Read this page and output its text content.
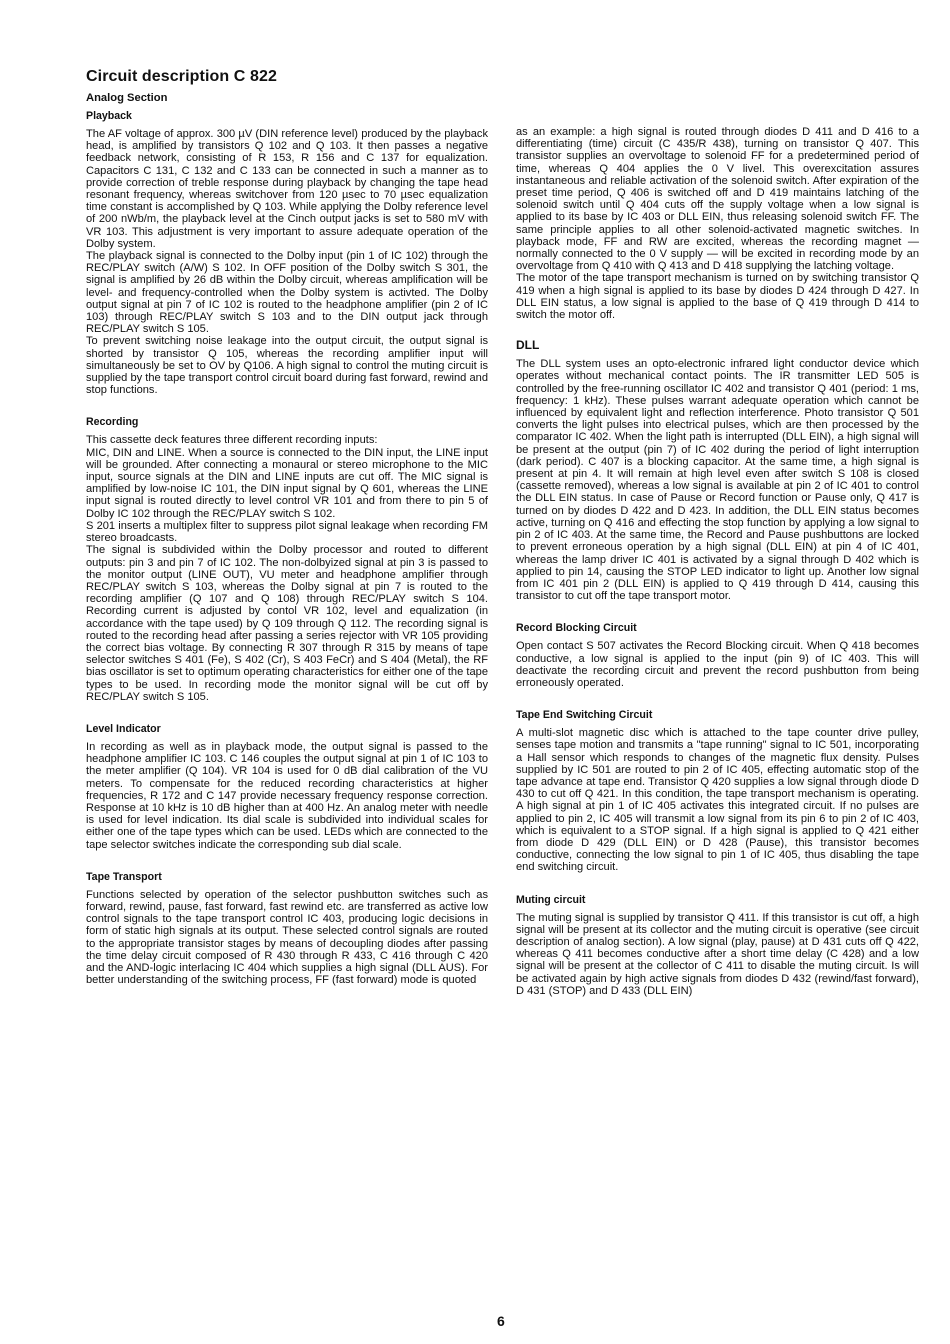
Circuit description C 822
Analog Section
Playback

The AF voltage of approx. 300 µV (DIN reference level) produced by the playback head, is amplified by transistors Q 102 and Q 103. It then passes a negative feedback network, consisting of R 153, R 156 and C 137 for equalization. Capacitors C 131, C 132 and C 133 can be connected in such a manner as to provide correction of treble response during playback by changing the tape head resonant frequency, whereas switchover from 120 µsec to 70 µsec equalization time constant is accomplished by Q 103. While applying the Dolby reference level of 200 nWb/m, the playback level at the Cinch output jacks is set to 580 mV with VR 103. This adjustment is very important to assure adequate operation of the Dolby system.

The playback signal is connected to the Dolby input (pin 1 of IC 102) through the REC/PLAY switch (A/W) S 102. In OFF position of the Dolby switch S 301, the signal is amplified by 26 dB within the Dolby circuit, whereas amplification will be level- and frequency-controlled when the Dolby system is activted. The Dolby output signal at pin 7 of IC 102 is routed to the headphone amplifier (pin 2 of IC 103) through REC/PLAY switch S 103 and to the DIN output jack through REC/PLAY switch S 105.

To prevent switching noise leakage into the output circuit, the output signal is shorted by transistor Q 105, whereas the recording amplifier input will simultaneously be set to OV by Q106. A high signal to control the muting circuit is supplied by the tape transport control circuit board during fast forward, rewind and stop functions.

Recording

This cassette deck features three different recording inputs:

MIC, DIN and LINE. When a source is connected to the DIN input, the LINE input will be grounded. After connecting a monaural or stereo microphone to the MIC input, source signals at the DIN and LINE inputs are cut off. The MIC signal is amplified by low-noise IC 101, the DIN input signal by Q 601, whereas the LINE input signal is routed directly to level control VR 101 and from there to pin 5 of Dolby IC 102 through the REC/PLAY switch S 102.

S 201 inserts a multiplex filter to suppress pilot signal leakage when recording FM stereo broadcasts.

The signal is subdivided within the Dolby processor and routed to different outputs: pin 3 and pin 7 of IC 102. The non-dolbyized signal at pin 3 is passed to the monitor output (LINE OUT), VU meter and headphone amplifier through REC/PLAY switch S 103, whereas the Dolby signal at pin 7 is routed to the recording amplifier (Q 107 and Q 108) through REC/PLAY switch S 104. Recording current is adjusted by contol VR 102, level and equalization (in accordance with the tape used) by Q 109 through Q 112. The recording signal is routed to the recording head after passing a series rejector with VR 105 providing the correct bias voltage. By connecting R 307 through R 315 by means of tape selector switches S 401 (Fe), S 402 (Cr), S 403 FeCr) and S 404 (Metal), the RF bias oscillator is set to optimum operating characteristics for either one of the tape types to be used. In recording mode the monitor signal will be cut off by REC/PLAY switch S 105.

Level Indicator

In recording as well as in playback mode, the output signal is passed to the headphone amplifier IC 103. C 146 couples the output signal at pin 1 of IC 103 to the meter amplifier (Q 104). VR 104 is used for 0 dB dial calibration of the VU meters. To compensate for the reduced recording characteristics at higher frequencies, R 172 and C 147 provide necessary frequency response correction. Response at 10 kHz is 10 dB higher than at 400 Hz. An analog meter with needle is used for level indication. Its dial scale is subdivided into individual scales for either one of the tape types which can be used. LEDs which are connected to the tape selector switches indicate the corresponding sub dial scale.

Tape Transport

Functions selected by operation of the selector pushbutton switches such as forward, rewind, pause, fast forward, fast rewind etc. are transferred as active low control signals to the tape transport control IC 403, producing logic decisions in form of static high signals at its output. These selected control signals are routed to the appropriate transistor stages by means of decoupling diodes after passing the time delay circuit composed of R 430 through R 433, C 416 through C 420 and the AND-logic interlacing IC 404 which supplies a high signal (DLL AUS). For better understanding of the switching process, FF (fast forward) mode is quoted

as an example: a high signal is routed through diodes D 411 and D 416 to a differentiating (time) circuit (C 435/R 438), turning on transistor Q 407. This transistor supplies an overvoltage to solenoid FF for a predetermined period of time, whereas Q 404 applies the 0 V livel. This overexcitation assures instantaneous and reliable activation of the solenoid switch. After expiration of the preset time period, Q 406 is switched off and D 419 maintains latching of the solenoid switch until Q 404 cuts off the supply voltage when a low signal is applied to its base by IC 403 or DLL EIN, thus releasing solenoid switch FF. The same principle applies to all other solenoid-activated magnetic switches. In playback mode, FF and RW are excited, whereas the recording magnet — normally connected to the 0 V supply — will be excited in recording mode by an overvoltage from Q 410 with Q 413 and D 418 supplying the latching voltage.

The motor of the tape transport mechanism is turned on by switching transistor Q 419 when a high signal is applied to its base by diodes D 424 through D 427. In DLL EIN status, a low signal is applied to the base of Q 419 through D 414 to switch the motor off.

DLL

The DLL system uses an opto-electronic infrared light conductor device which operates without mechanical contact points. The IR transmitter LED 505 is controlled by the free-running oscillator IC 402 and transistor Q 401 (period: 1 ms, frequency: 1 kHz). These pulses warrant adequate operation which cannot be influenced by equivalent light and reflection interference. Photo transistor Q 501 converts the light pulses into electrical pulses, which are then processed by the comparator IC 402. When the light path is interrupted (DLL EIN), a high signal will be present at the output (pin 7) of IC 402 during the period of light interruption (dark period). C 407 is a blocking capacitor. At the same time, a high signal is present at pin 4. It will remain at high level even after switch S 108 is closed (cassette removed), whereas a low signal is available at pin 2 of IC 401 to control the DLL EIN status. In case of Pause or Record function or Pause only, Q 417 is turned on by diodes D 422 and D 423. In addition, the DLL EIN status becomes active, turning on Q 416 and effecting the stop function by applying a low signal to pin 2 of IC 403. At the same time, the Record and Pause pushbuttons are locked to prevent erroneous operation by a high signal (DLL EIN) at pin 4 of IC 401, whereas the lamp driver IC 401 is activated by a signal through D 402 which is applied to pin 14, causing the STOP LED indicator to light up. Another low signal from IC 401 pin 2 (DLL EIN) is applied to Q 419 through D 414, causing this transistor to cut off the tape transport motor.

Record Blocking Circuit

Open contact S 507 activates the Record Blocking circuit. When Q 418 becomes conductive, a low signal is applied to the input (pin 9) of IC 403. This will deactivate the recording circuit and prevent the record pushbutton from being erroneously operated.

Tape End Switching Circuit

A multi-slot magnetic disc which is attached to the tape counter drive pulley, senses tape motion and transmits a "tape running" signal to IC 501, incorporating a Hall sensor which responds to changes of the magnetic flux density. Pulses supplied by IC 501 are routed to pin 2 of IC 405, effecting automatic stop of the tape advance at tape end. Transistor Q 420 supplies a low signal through diode D 430 to cut off Q 421. In this condition, the tape transport mechanism is operating. A high signal at pin 1 of IC 405 activates this integrated circuit. If no pulses are applied to pin 2, IC 405 will transmit a low signal from its pin 6 to pin 2 of IC 403, which is equivalent to a STOP signal. If a high signal is applied to Q 421 either from diode D 429 (DLL EIN) or D 428 (Pause), this transistor becomes conductive, connecting the low signal to pin 1 of IC 405, thus disabling the tape end switching circuit.

Muting circuit

The muting signal is supplied by transistor Q 411. If this transistor is cut off, a high signal will be present at its collector and the muting circuit is operative (see circuit description of analog section). A low signal (play, pause) at D 431 cuts off Q 422, whereas Q 411 becomes conductive after a short time delay (C 428) and a low signal will be present at the collector of C 411 to disable the muting circuit. Is will be activated again by high active signals from diodes D 432 (rewind/fast forward), D 431 (STOP) and D 433 (DLL EIN)

6
